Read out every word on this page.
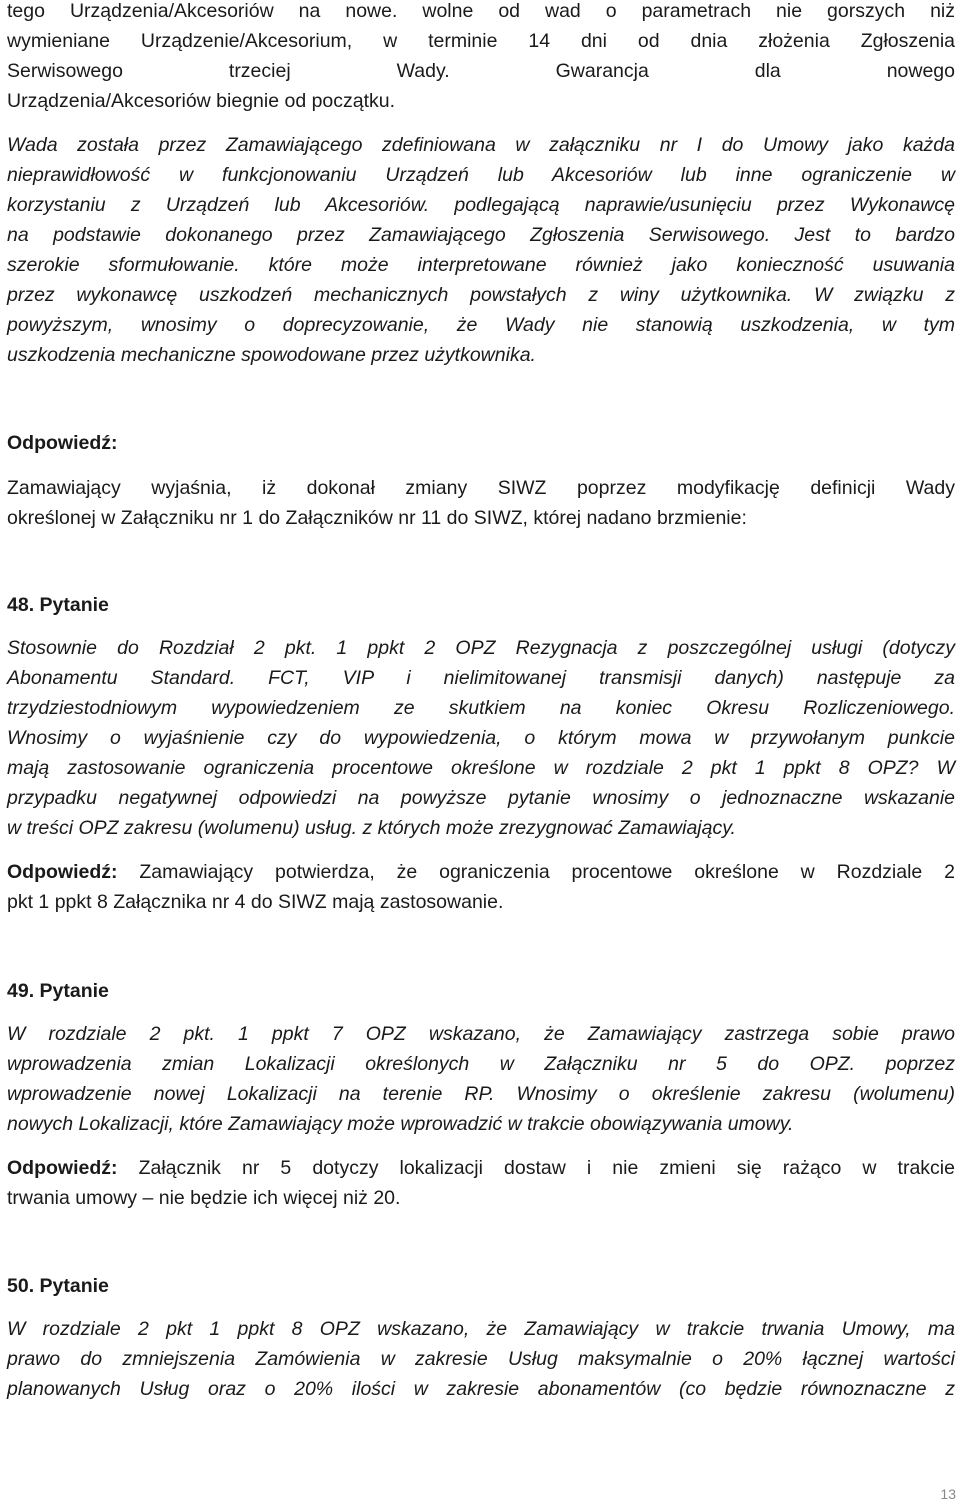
tego Urządzenia/Akcesoriów na nowe. wolne od wad o parametrach nie gorszych niż
wymieniane Urządzenie/Akcesorium, w terminie 14 dni od dnia złożenia Zgłoszenia
Serwisowego trzeciej Wady. Gwarancja dla nowego
Urządzenia/Akcesoriów biegnie od początku.
Wada została przez Zamawiającego zdefiniowana w załączniku nr I do Umowy jako każda
nieprawidłowość w funkcjonowaniu Urządzeń lub Akcesoriów lub inne ograniczenie w
korzystaniu z Urządzeń lub Akcesoriów. podlegającą naprawie/usunięciu przez Wykonawcę
na podstawie dokonanego przez Zamawiającego Zgłoszenia Serwisowego. Jest to bardzo
szerokie sformułowanie. które może interpretowane również jako konieczność usuwania
przez wykonawcę uszkodzeń mechanicznych powstałych z winy użytkownika. W związku z
powyższym, wnosimy o doprecyzowanie, że Wady nie stanowią uszkodzenia, w tym
uszkodzenia mechaniczne spowodowane przez użytkownika.
Odpowiedź:
Zamawiający wyjaśnia, iż dokonał zmiany SIWZ poprzez modyfikację definicji Wady
określonej w Załączniku nr 1 do Załączników nr 11 do SIWZ, której nadano brzmienie:
48. Pytanie
Stosownie do Rozdział 2 pkt. 1 ppkt 2 OPZ Rezygnacja z poszczególnej usługi (dotyczy
Abonamentu Standard. FCT, VIP i nielimitowanej transmisji danych) następuje za
trzydziestodniowym wypowiedzeniem ze skutkiem na koniec Okresu Rozliczeniowego.
Wnosimy o wyjaśnienie czy do wypowiedzenia, o którym mowa w przywołanym punkcie
mają zastosowanie ograniczenia procentowe określone w rozdziale 2 pkt 1 ppkt 8 OPZ? W
przypadku negatywnej odpowiedzi na powyższe pytanie wnosimy o jednoznaczne wskazanie
w treści OPZ zakresu (wolumenu) usług. z których może zrezygnować Zamawiający.
Odpowiedź: Zamawiający potwierdza, że ograniczenia procentowe określone w Rozdziale 2
pkt 1 ppkt 8 Załącznika nr 4 do SIWZ mają zastosowanie.
49. Pytanie
W rozdziale 2 pkt. 1 ppkt 7 OPZ wskazano, że Zamawiający zastrzega sobie prawo
wprowadzenia zmian Lokalizacji określonych w Załączniku nr 5 do OPZ. poprzez
wprowadzenie nowej Lokalizacji na terenie RP. Wnosimy o określenie zakresu (wolumenu)
nowych Lokalizacji, które Zamawiający może wprowadzić w trakcie obowiązywania umowy.
Odpowiedź: Załącznik nr 5 dotyczy lokalizacji dostaw i nie zmieni się rażąco w trakcie
trwania umowy – nie będzie ich więcej niż 20.
50. Pytanie
W rozdziale 2 pkt 1 ppkt 8 OPZ wskazano, że Zamawiający w trakcie trwania Umowy, ma
prawo do zmniejszenia Zamówienia w zakresie Usług maksymalnie o 20% łącznej wartości
planowanych Usług oraz o 20% ilości w zakresie abonamentów (co będzie równoznaczne z
13
